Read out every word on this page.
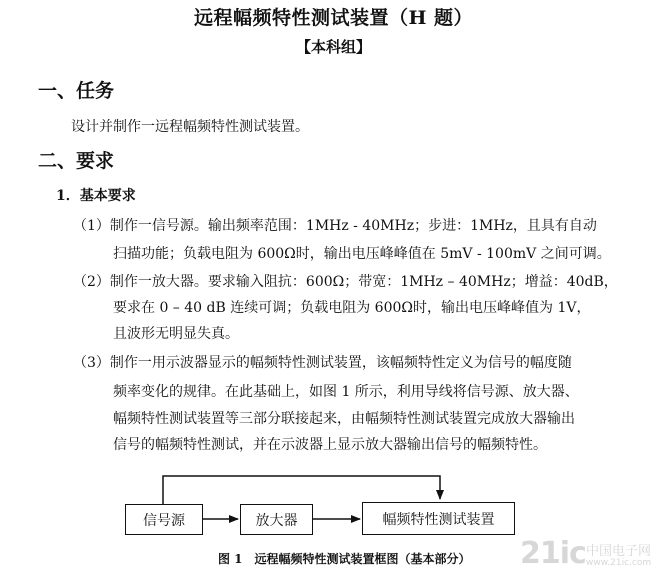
远程幅频特性测试装置（H 题）
【本科组】
一、任务
设计并制作一远程幅频特性测试装置。
二、要求
1．基本要求
（1）制作一信号源。输出频率范围：1MHz - 40MHz；步进：1MHz，且具有自动
扫描功能；负载电阻为 600Ω时，输出电压峰峰值在 5mV - 100mV 之间可调。
（2）制作一放大器。要求输入阻抗：600Ω；带宽：1MHz – 40MHz；增益：40dB，
要求在 0 – 40 dB 连续可调；负载电阻为 600Ω时，输出电压峰峰值为 1V，
且波形无明显失真。
（3）制作一用示波器显示的幅频特性测试装置，该幅频特性定义为信号的幅度随
频率变化的规律。在此基础上，如图 1 所示，利用导线将信号源、放大器、
幅频特性测试装置等三部分联接起来，由幅频特性测试装置完成放大器输出
信号的幅频特性测试，并在示波器上显示放大器输出信号的幅频特性。
信号源	放大器	幅频特性测试装置
图 1　远程幅频特性测试装置框图（基本部分） 21ic 中国电子网
www.21ic.com
